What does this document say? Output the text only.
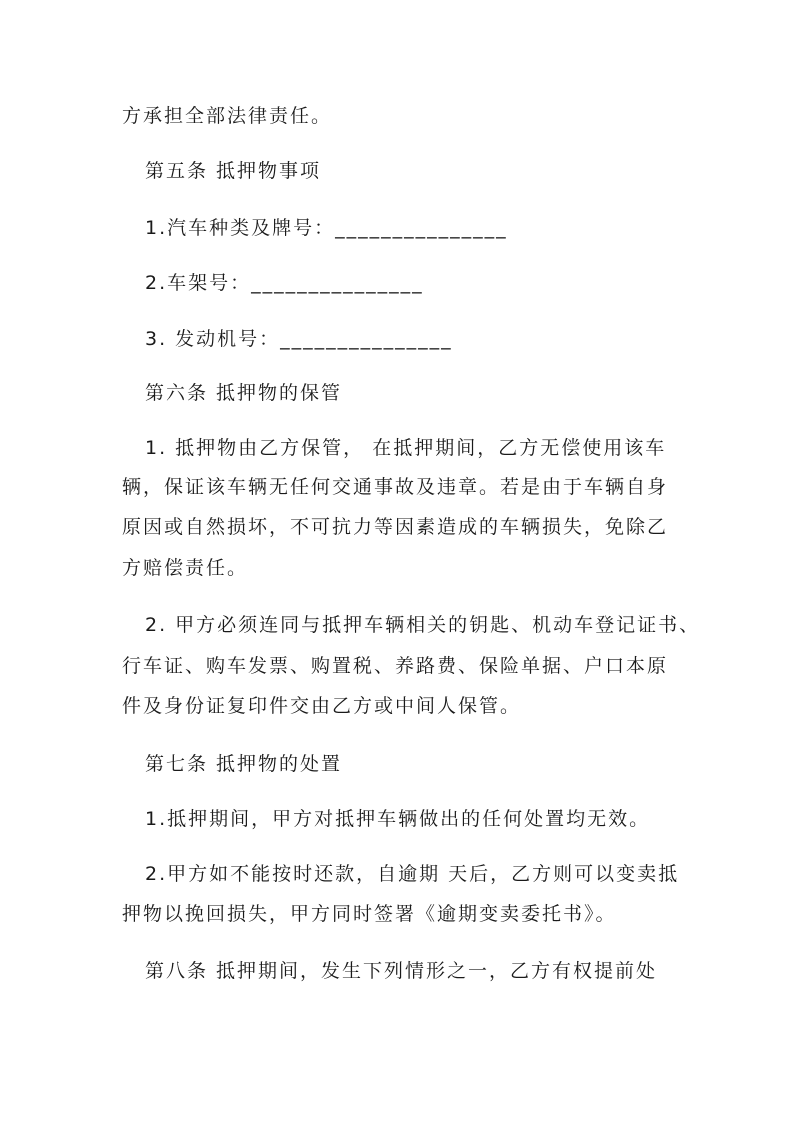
方承担全部法律责任。

第五条 抵押物事项

1.汽车种类及牌号：_______________

2.车架号：_______________

3. 发动机号：_______________

第六条 抵押物的保管

1. 抵押物由乙方保管， 在抵押期间，乙方无偿使用该车

辆，保证该车辆无任何交通事故及违章。若是由于车辆自身

原因或自然损坏，不可抗力等因素造成的车辆损失，免除乙

方赔偿责任。

2. 甲方必须连同与抵押车辆相关的钥匙、机动车登记证书、

行车证、购车发票、购置税、养路费、保险单据、户口本原

件及身份证复印件交由乙方或中间人保管。

第七条 抵押物的处置

1.抵押期间，甲方对抵押车辆做出的任何处置均无效。

2.甲方如不能按时还款，自逾期 天后，乙方则可以变卖抵

押物以挽回损失，甲方同时签署《逾期变卖委托书》。

第八条 抵押期间，发生下列情形之一，乙方有权提前处
